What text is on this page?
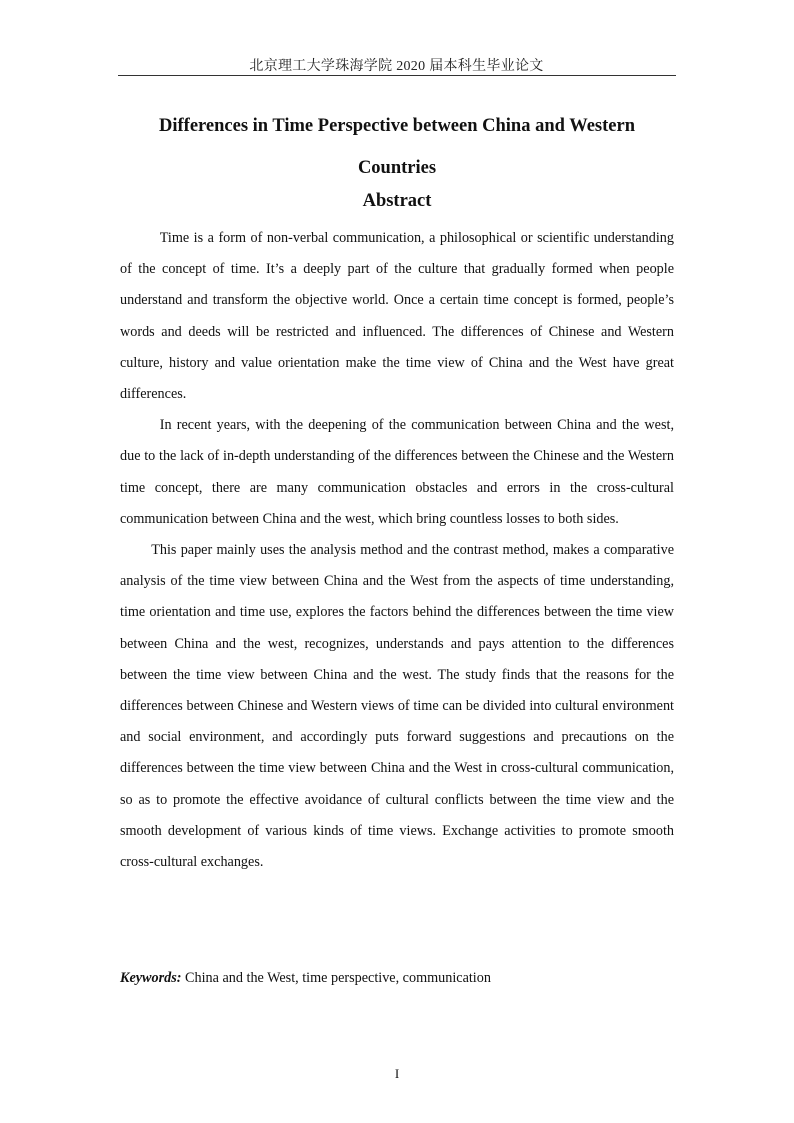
北京理工大学珠海学院 2020 届本科生毕业论文
Differences in Time Perspective between China and Western
Countries
Abstract

Time is a form of non-verbal communication, a philosophical or scientific understanding of the concept of time. It’s a deeply part of the culture that gradually formed when people understand and transform the objective world. Once a certain time concept is formed, people’s words and deeds will be restricted and influenced. The differences of Chinese and Western culture, history and value orientation make the time view of China and the West have great differences.

In recent years, with the deepening of the communication between China and the west, due to the lack of in-depth understanding of the differences between the Chinese and the Western time concept, there are many communication obstacles and errors in the cross-cultural communication between China and the west, which bring countless losses to both sides.

This paper mainly uses the analysis method and the contrast method, makes a comparative analysis of the time view between China and the West from the aspects of time understanding, time orientation and time use, explores the factors behind the differences between the time view between China and the west, recognizes, understands and pays attention to the differences between the time view between China and the west. The study finds that the reasons for the differences between Chinese and Western views of time can be divided into cultural environment and social environment, and accordingly puts forward suggestions and precautions on the differences between the time view between China and the West in cross-cultural communication, so as to promote the effective avoidance of cultural conflicts between the time view and the smooth development of various kinds of time views. Exchange activities to promote smooth cross-cultural exchanges.

Keywords: China and the West, time perspective, communication
I
